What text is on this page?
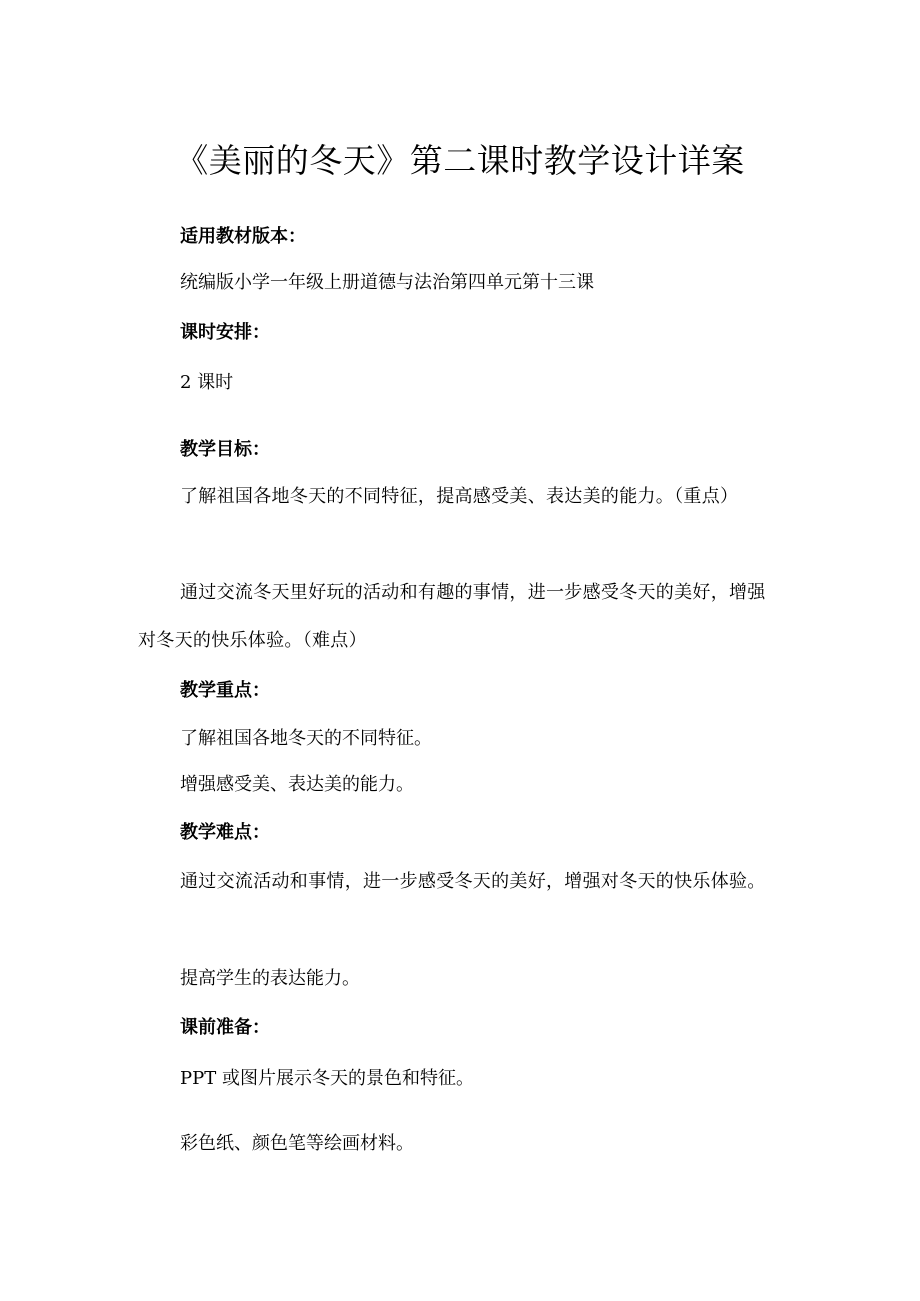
《美丽的冬天》第二课时教学设计详案
适用教材版本：
统编版小学一年级上册道德与法治第四单元第十三课
课时安排：
2 课时
教学目标：

了解祖国各地冬天的不同特征，提高感受美、表达美的能力。（重点）

通过交流冬天里好玩的活动和有趣的事情，进一步感受冬天的美好，增强对冬天的快乐体验。（难点）

教学重点：
了解祖国各地冬天的不同特征。
增强感受美、表达美的能力。
教学难点：

通过交流活动和事情，进一步感受冬天的美好，增强对冬天的快乐体验。

提高学生的表达能力。
课前准备：
PPT 或图片展示冬天的景色和特征。
彩色纸、颜色笔等绘画材料。
